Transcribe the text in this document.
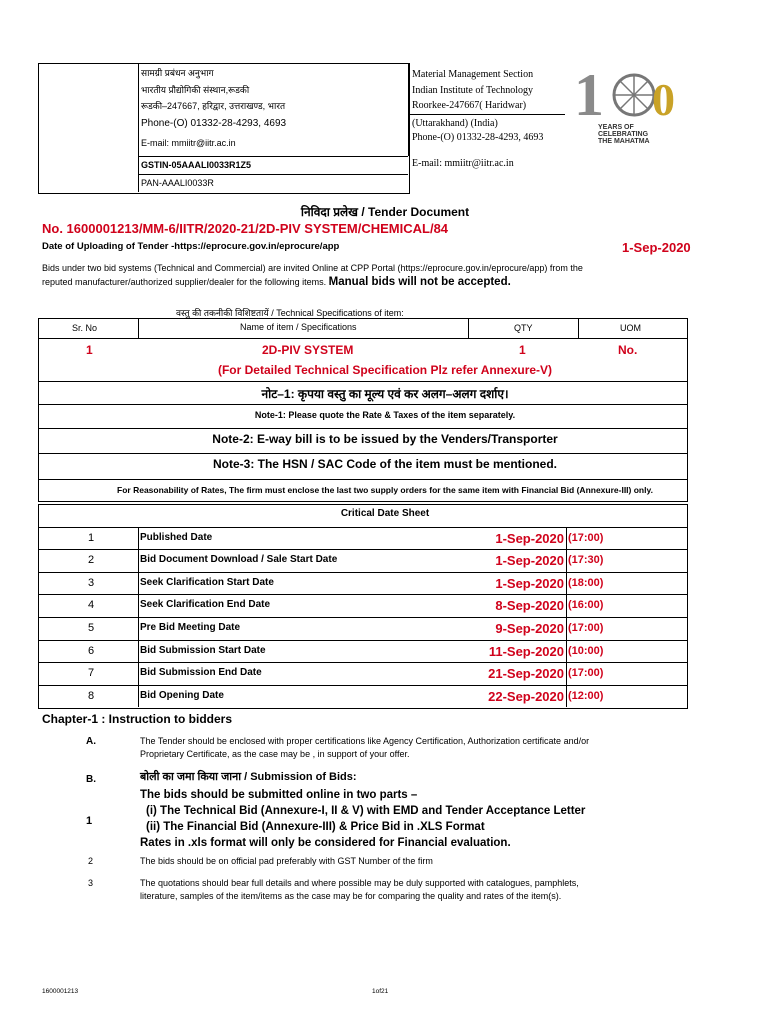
सामग्री प्रबंधन अनुभाग
भारतीय प्रौद्योगिकी संस्थान,रूडकी
रूडकी–247667, हरिद्वार, उत्तराखण्ड, भारत
Phone-(O) 01332-28-4293, 4693
E-mail: mmiitr@iitr.ac.in
GSTIN-05AAALI0033R1Z5
PAN-AAALI0033R
Material Management Section
Indian Institute of Technology
Roorkee-247667( Haridwar)
(Uttarakhand) (India)
Phone-(O) 01332-28-4293, 4693
E-mail: mmiitr@iitr.ac.in
1 0
YEARS OF
CELEBRATING
THE MAHATMA
निविदा प्रलेख / Tender Document
No. 1600001213/MM-6/IITR/2020-21/2D-PIV SYSTEM/CHEMICAL/84
Date of Uploading of Tender -https://eprocure.gov.in/eprocure/app	1-Sep-2020
Bids under two bid systems (Technical and Commercial) are invited Online at CPP Portal (https://eprocure.gov.in/eprocure/app) from the
reputed manufacturer/authorized supplier/dealer for the following items. Manual bids will not be accepted.
वस्तु की तकनीकी विशिष्टतायें / Technical Specifications of item:
Sr. No	Name of item / Specifications	QTY	UOM
1	2D-PIV SYSTEM	1	No.
(For Detailed Technical Specification Plz refer Annexure-V)
नोट–1: कृपया वस्तु का मूल्य एवं कर अलग–अलग दर्शाए।
Note-1: Please quote the Rate & Taxes of the item separately.
Note-2: E-way bill is to be issued by the Venders/Transporter
Note-3: The HSN / SAC Code of the item must be mentioned.
For Reasonability of Rates, The firm must enclose the last two supply orders for the same item with Financial Bid (Annexure-III) only.
Critical Date Sheet
1	Published Date	1-Sep-2020 (17:00)
2	Bid Document Download / Sale Start Date	1-Sep-2020 (17:30)
3	Seek Clarification Start Date	1-Sep-2020 (18:00)
4	Seek Clarification End Date	8-Sep-2020 (16:00)
5	Pre Bid Meeting Date	9-Sep-2020 (17:00)
6	Bid Submission Start Date	11-Sep-2020 (10:00)
7	Bid Submission End Date	21-Sep-2020 (17:00)
8	Bid Opening Date	22-Sep-2020 (12:00)
Chapter-1 : Instruction to bidders
A.	The Tender should be enclosed with proper certifications like Agency Certification, Authorization certificate and/or
Proprietary Certificate, as the case may be , in support of your offer.
B.	बोली का जमा किया जाना / Submission of Bids:
1
The bids should be submitted online in two parts –
(i) The Technical Bid (Annexure-I, II & V) with EMD and Tender Acceptance Letter
(ii) The Financial Bid (Annexure-III) & Price Bid in .XLS Format
Rates in .xls format will only be considered for Financial evaluation.
2	The bids should be on official pad preferably with GST Number of the firm
3	The quotations should bear full details and where possible may be duly supported with catalogues, pamphlets,
literature, samples of the item/items as the case may be for comparing the quality and rates of the item(s).
1600001213	1of21
